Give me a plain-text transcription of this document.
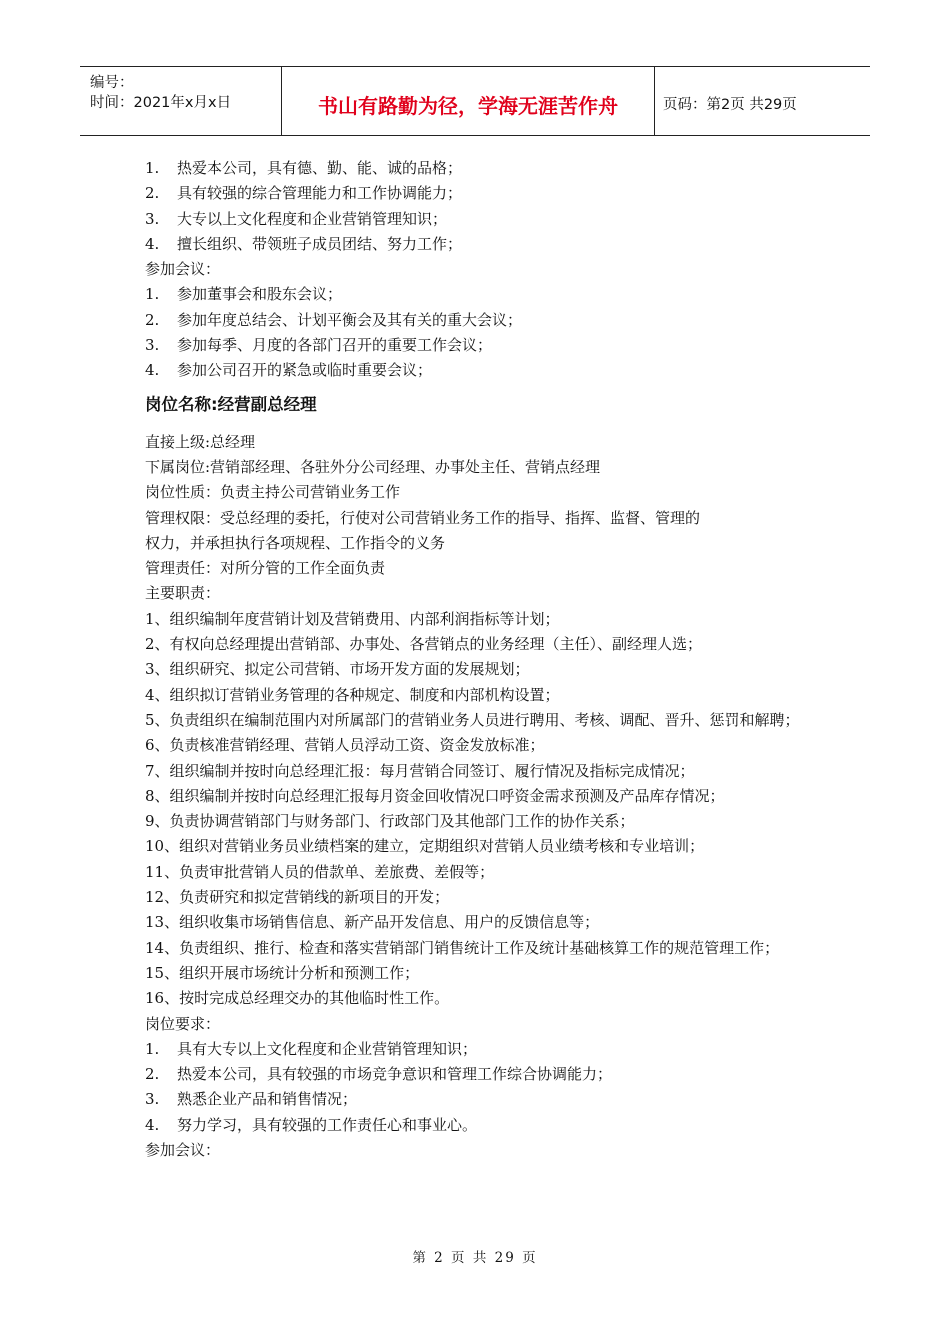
编号：
时间：2021年x月x日	书山有路勤为径，学海无涯苦作舟	页码：第2页 共29页
1. 热爱本公司，具有德、勤、能、诚的品格；
2. 具有较强的综合管理能力和工作协调能力；
3. 大专以上文化程度和企业营销管理知识；
4. 擅长组织、带领班子成员团结、努力工作；
参加会议：
1. 参加董事会和股东会议；
2. 参加年度总结会、计划平衡会及其有关的重大会议；
3. 参加每季、月度的各部门召开的重要工作会议；
4. 参加公司召开的紧急或临时重要会议；
岗位名称:经营副总经理
直接上级:总经理
下属岗位:营销部经理、各驻外分公司经理、办事处主任、营销点经理
岗位性质：负责主持公司营销业务工作
管理权限：受总经理的委托，行使对公司营销业务工作的指导、指挥、监督、管理的
权力，并承担执行各项规程、工作指令的义务
管理责任：对所分管的工作全面负责
主要职责：
1、组织编制年度营销计划及营销费用、内部利润指标等计划；
2、有权向总经理提出营销部、办事处、各营销点的业务经理（主任）、副经理人选；
3、组织研究、拟定公司营销、市场开发方面的发展规划；
4、组织拟订营销业务管理的各种规定、制度和内部机构设置；
5、负责组织在编制范围内对所属部门的营销业务人员进行聘用、考核、调配、晋升、惩罚和解聘；
6、负责核准营销经理、营销人员浮动工资、资金发放标准；
7、组织编制并按时向总经理汇报：每月营销合同签订、履行情况及指标完成情况；
8、组织编制并按时向总经理汇报每月资金回收情况口呼资金需求预测及产品库存情况；
9、负责协调营销部门与财务部门、行政部门及其他部门工作的协作关系；
10、组织对营销业务员业绩档案的建立，定期组织对营销人员业绩考核和专业培训；
11、负责审批营销人员的借款单、差旅费、差假等；
12、负责研究和拟定营销线的新项目的开发；
13、组织收集市场销售信息、新产品开发信息、用户的反馈信息等；
14、负责组织、推行、检查和落实营销部门销售统计工作及统计基础核算工作的规范管理工作；
15、组织开展市场统计分析和预测工作；
16、按时完成总经理交办的其他临时性工作。
岗位要求：
1. 具有大专以上文化程度和企业营销管理知识；
2. 热爱本公司，具有较强的市场竞争意识和管理工作综合协调能力；
3. 熟悉企业产品和销售情况；
4. 努力学习，具有较强的工作责任心和事业心。
参加会议：
第 2 页 共 29 页
